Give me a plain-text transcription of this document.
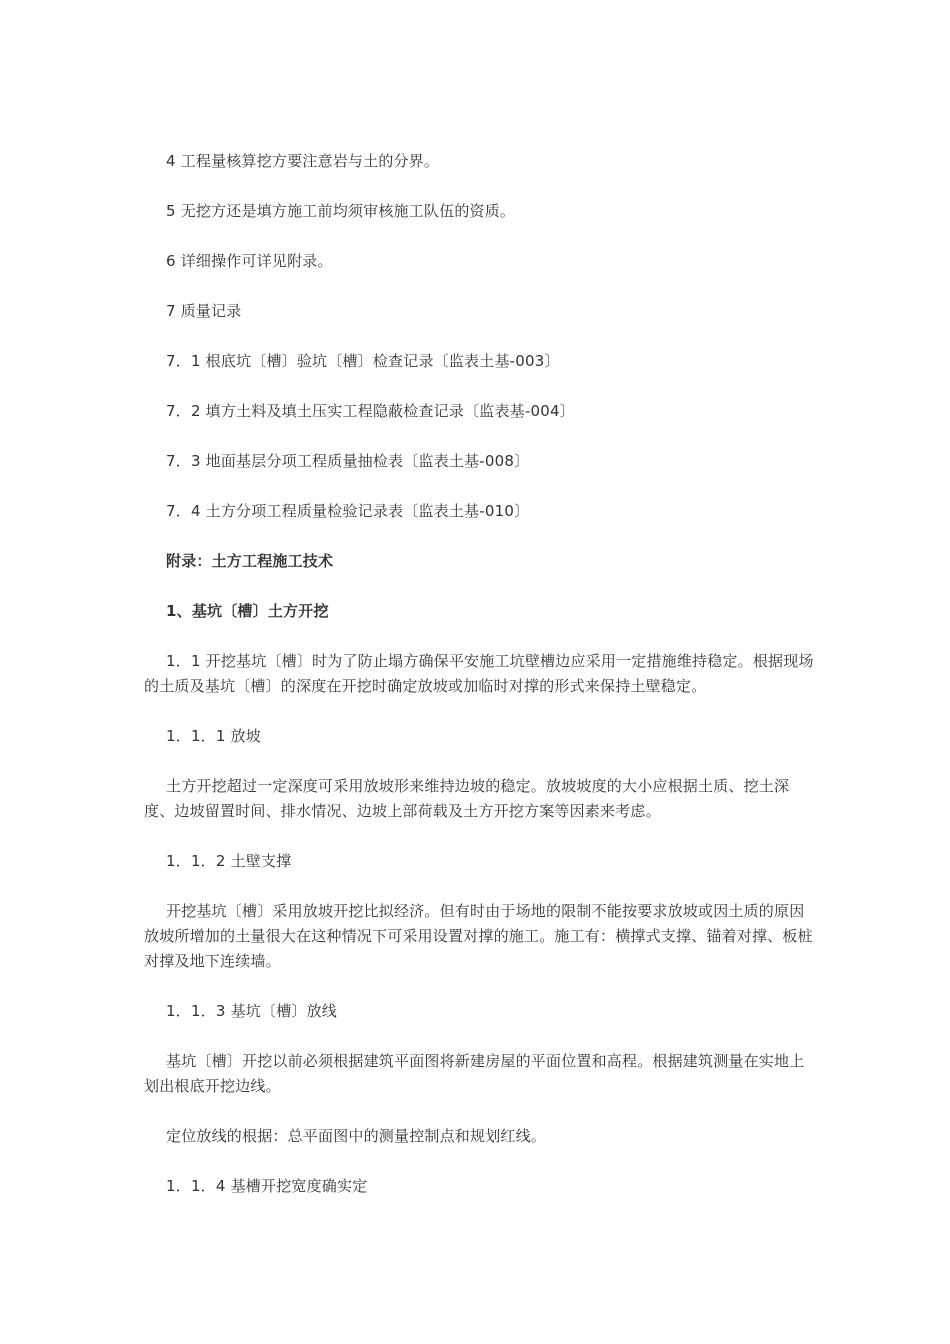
4 工程量核算挖方要注意岩与土的分界。

5 无挖方还是填方施工前均须审核施工队伍的资质。

6 详细操作可详见附录。

7 质量记录

7．1 根底坑〔槽〕验坑〔槽〕检查记录〔监表土基-003〕

7．2 填方土料及填土压实工程隐蔽检查记录〔监表基-004〕

7．3 地面基层分项工程质量抽检表〔监表土基-008〕

7．4 土方分项工程质量检验记录表〔监表土基-010〕

附录：土方工程施工技术

1、基坑〔槽〕土方开挖

1．1 开挖基坑〔槽〕时为了防止塌方确保平安施工坑壁槽边应采用一定措施维持稳定。根据现场的土质及基坑〔槽〕的深度在开挖时确定放坡或加临时对撑的形式来保持土壁稳定。

1．1．1 放坡

土方开挖超过一定深度可采用放坡形来维持边坡的稳定。放坡坡度的大小应根据土质、挖土深度、边坡留置时间、排水情况、边坡上部荷载及土方开挖方案等因素来考虑。

1．1．2 土壁支撑

开挖基坑〔槽〕采用放坡开挖比拟经济。但有时由于场地的限制不能按要求放坡或因土质的原因放坡所增加的土量很大在这种情况下可采用设置对撑的施工。施工有：横撑式支撑、锚着对撑、板桩对撑及地下连续墙。

1．1．3 基坑〔槽〕放线

基坑〔槽〕开挖以前必须根据建筑平面图将新建房屋的平面位置和高程。根据建筑测量在实地上划出根底开挖边线。

定位放线的根据：总平面图中的测量控制点和规划红线。

1．1．4 基槽开挖宽度确实定
